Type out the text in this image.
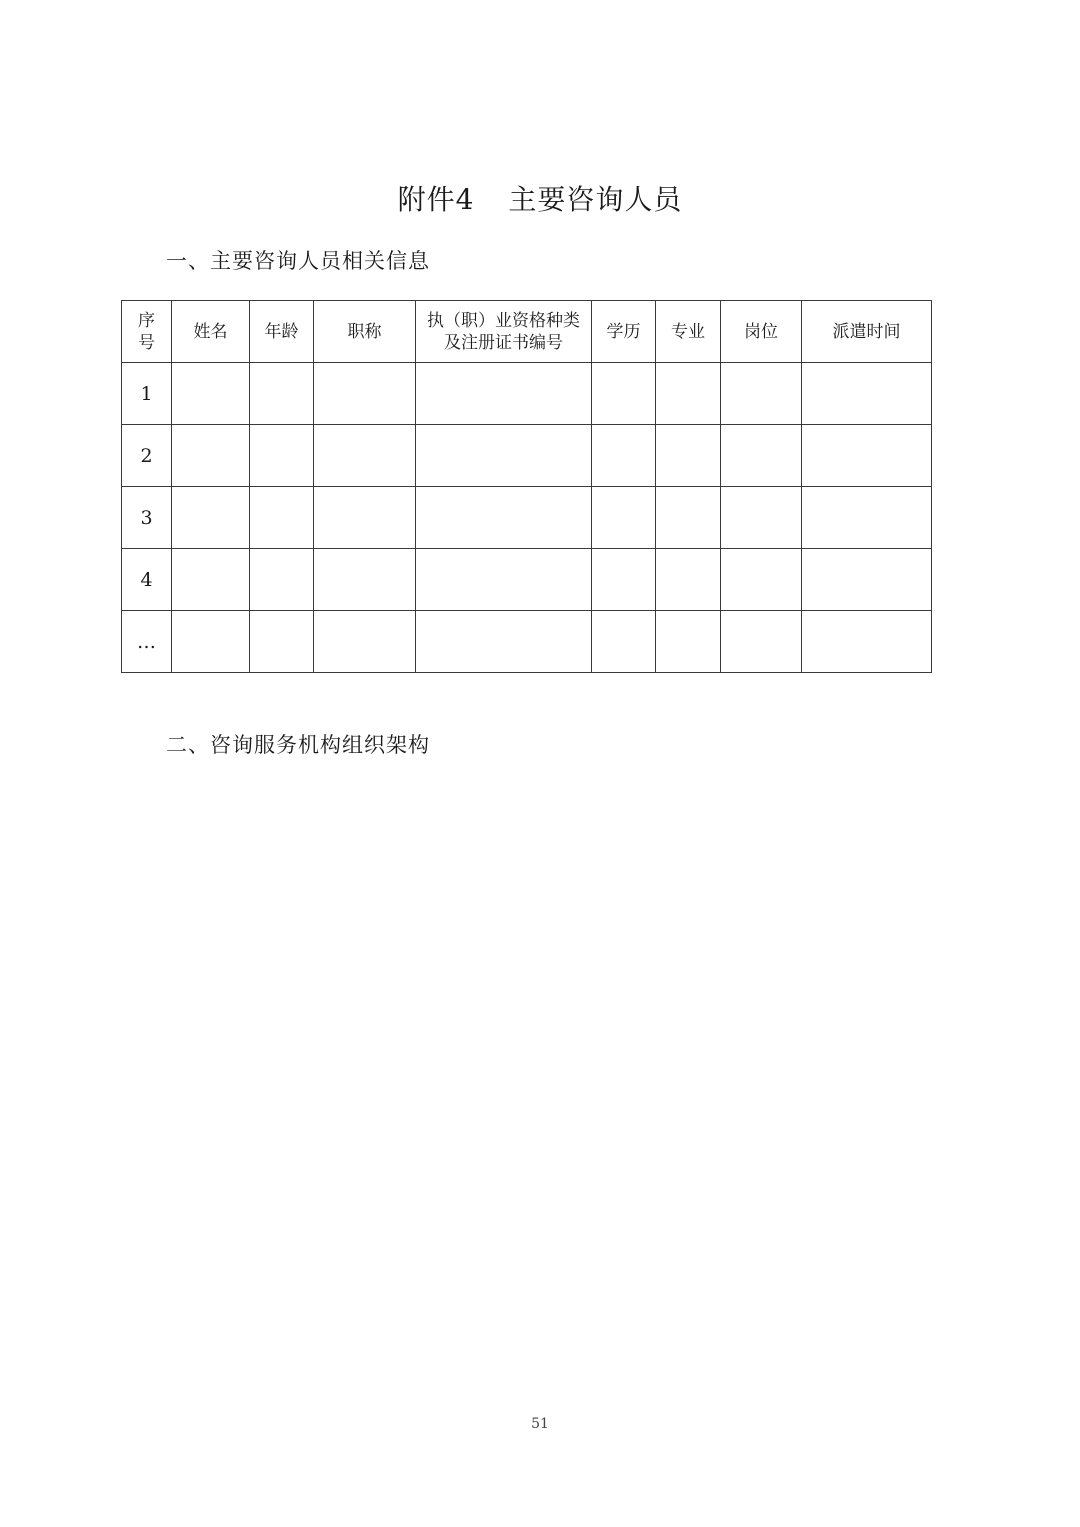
附件4 主要咨询人员
一、主要咨询人员相关信息
序号	姓名	年龄	职称	执（职）业资格种类及注册证书编号	学历	专业	岗位	派遣时间
1								
2								
3								
4								
…								
二、咨询服务机构组织架构
51
